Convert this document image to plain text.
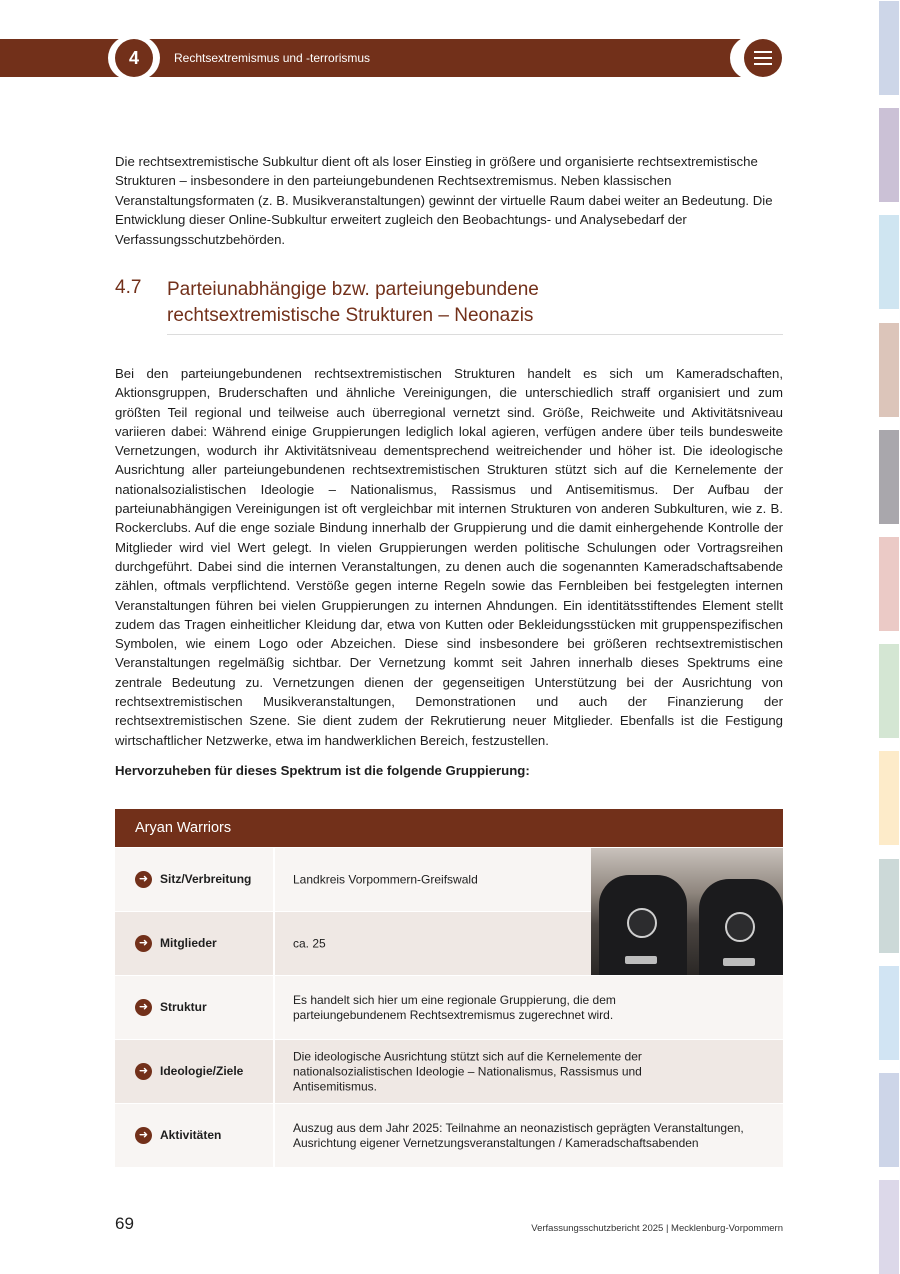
4	Rechtsextremismus und -terrorismus

Die rechtsextremistische Subkultur dient oft als loser Einstieg in größere und organisierte rechtsextremistische Strukturen – insbesondere in den parteiungebundenen Rechtsextremismus. Neben klassischen Veranstaltungsformaten (z. B. Musikveranstaltungen) gewinnt der virtuelle Raum dabei weiter an Bedeutung. Die Entwicklung dieser Online-Subkultur erweitert zugleich den Beobachtungs- und Analysebedarf der Verfassungsschutzbehörden.

4.7 Parteiunabhängige bzw. parteiungebundene
rechtsextremistische Strukturen – Neonazis

Bei den parteiungebundenen rechtsextremistischen Strukturen handelt es sich um Kameradschaften, Aktionsgruppen, Bruderschaften und ähnliche Vereinigungen, die unterschiedlich straff organisiert und zum größten Teil regional und teilweise auch überregional vernetzt sind. Größe, Reichweite und Aktivitätsniveau variieren dabei: Während einige Gruppierungen lediglich lokal agieren, verfügen andere über teils bundesweite Vernetzungen, wodurch ihr Aktivitätsniveau dementsprechend weitreichender und höher ist. Die ideologische Ausrichtung aller parteiungebundenen rechtsextremistischen Strukturen stützt sich auf die Kernelemente der nationalsozialistischen Ideologie – Nationalismus, Rassismus und Antisemitismus. Der Aufbau der parteiunabhängigen Vereinigungen ist oft vergleichbar mit internen Strukturen von anderen Subkulturen, wie z. B. Rockerclubs. Auf die enge soziale Bindung innerhalb der Gruppierung und die damit einhergehende Kontrolle der Mitglieder wird viel Wert gelegt. In vielen Gruppierungen werden politische Schulungen oder Vortragsreihen durchgeführt. Dabei sind die internen Veranstaltungen, zu denen auch die sogenannten Kameradschaftsabende zählen, oftmals verpflichtend. Verstöße gegen interne Regeln sowie das Fernbleiben bei festgelegten internen Veranstaltungen führen bei vielen Gruppierungen zu internen Ahndungen. Ein identitätsstiftendes Element stellt zudem das Tragen einheitlicher Kleidung dar, etwa von Kutten oder Bekleidungsstücken mit gruppenspezifischen Symbolen, wie einem Logo oder Abzeichen. Diese sind insbesondere bei größeren rechtsextremistischen Veranstaltungen regelmäßig sichtbar. Der Vernetzung kommt seit Jahren innerhalb dieses Spektrums eine zentrale Bedeutung zu. Vernetzungen dienen der gegenseitigen Unterstützung bei der Ausrichtung von rechtsextremistischen Musikveranstaltungen, Demonstrationen und auch der Finanzierung der rechtsextremistischen Szene. Sie dient zudem der Rekrutierung neuer Mitglieder. Ebenfalls ist die Festigung wirtschaftlicher Netzwerke, etwa im handwerklichen Bereich, festzustellen.

Hervorzuheben für dieses Spektrum ist die folgende Gruppierung:

Aryan Warriors
➜ Sitz/Verbreitung	Landkreis Vorpommern-Greifswald
➜ Mitglieder	ca. 25
➜ Struktur
Es handelt sich hier um eine regionale Gruppierung, die dem parteiungebundenem Rechtsextremismus zugerechnet wird.
➜ Ideologie/Ziele
Die ideologische Ausrichtung stützt sich auf die Kernelemente der nationalsozialistischen Ideologie – Nationalismus, Rassismus und Antisemitismus.
➜ Aktivitäten
Auszug aus dem Jahr 2025: Teilnahme an neonazistisch geprägten Veranstaltungen, Ausrichtung eigener Vernetzungsveranstaltungen / Kameradschaftsabenden
69	Verfassungsschutzbericht 2025 | Mecklenburg-Vorpommern
